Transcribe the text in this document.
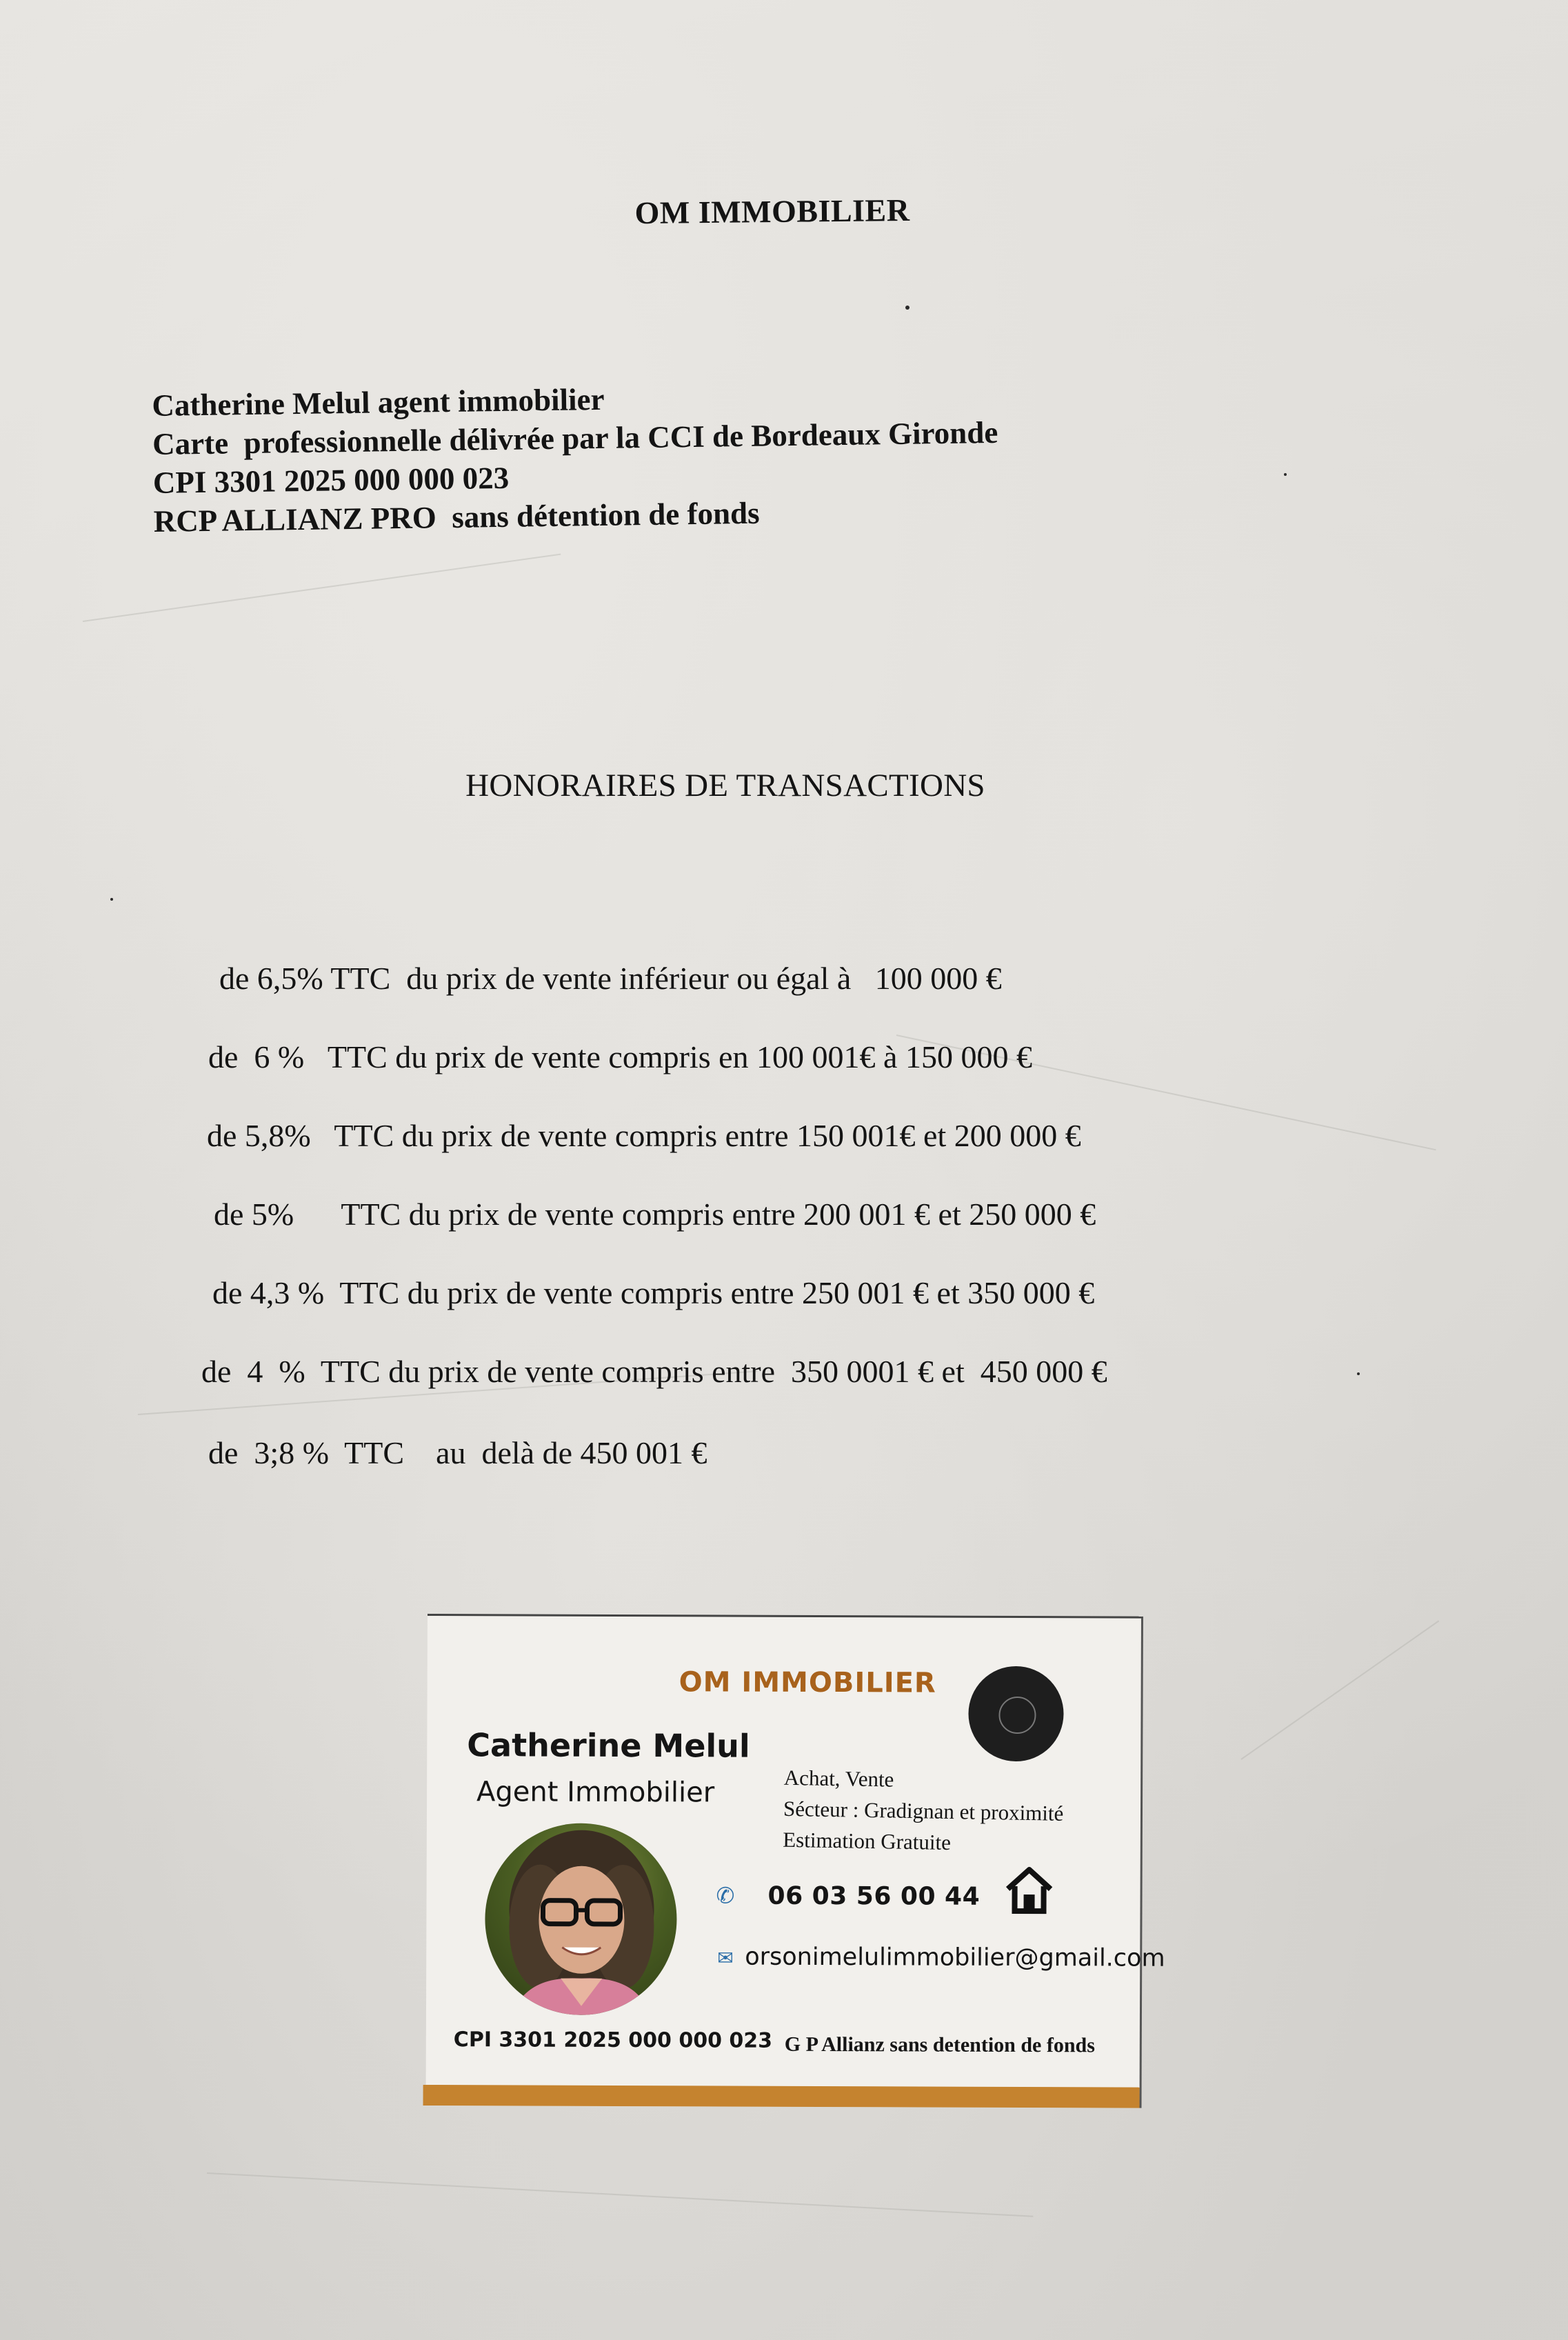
OM IMMOBILIER
Catherine Melul agent immobilier
Carte  professionnelle délivrée par la CCI de Bordeaux Gironde
CPI 3301 2025 000 000 023
RCP ALLIANZ PRO  sans détention de fonds
HONORAIRES DE TRANSACTIONS
de 6,5% TTC  du prix de vente inférieur ou égal à   100 000 €
de  6 %   TTC du prix de vente compris en 100 001€ à 150 000 €
de 5,8%   TTC du prix de vente compris entre 150 001€ et 200 000 €
de 5%      TTC du prix de vente compris entre 200 001 € et 250 000 €
de 4,3 %  TTC du prix de vente compris entre 250 001 € et 350 000 €
de  4  %  TTC du prix de vente compris entre  350 0001 € et  450 000 €
de  3;8 %  TTC    au  delà de 450 001 €
OM IMMOBILIER
Catherine Melul
Agent Immobilier	Achat, Vente
Sécteur : Gradignan et proximité
Estimation Gratuite
✆ 06 03 56 00 44
✉ orsonimelulimmobilier@gmail.com
CPI 3301 2025 000 000 023 G P Allianz sans detention de fonds
